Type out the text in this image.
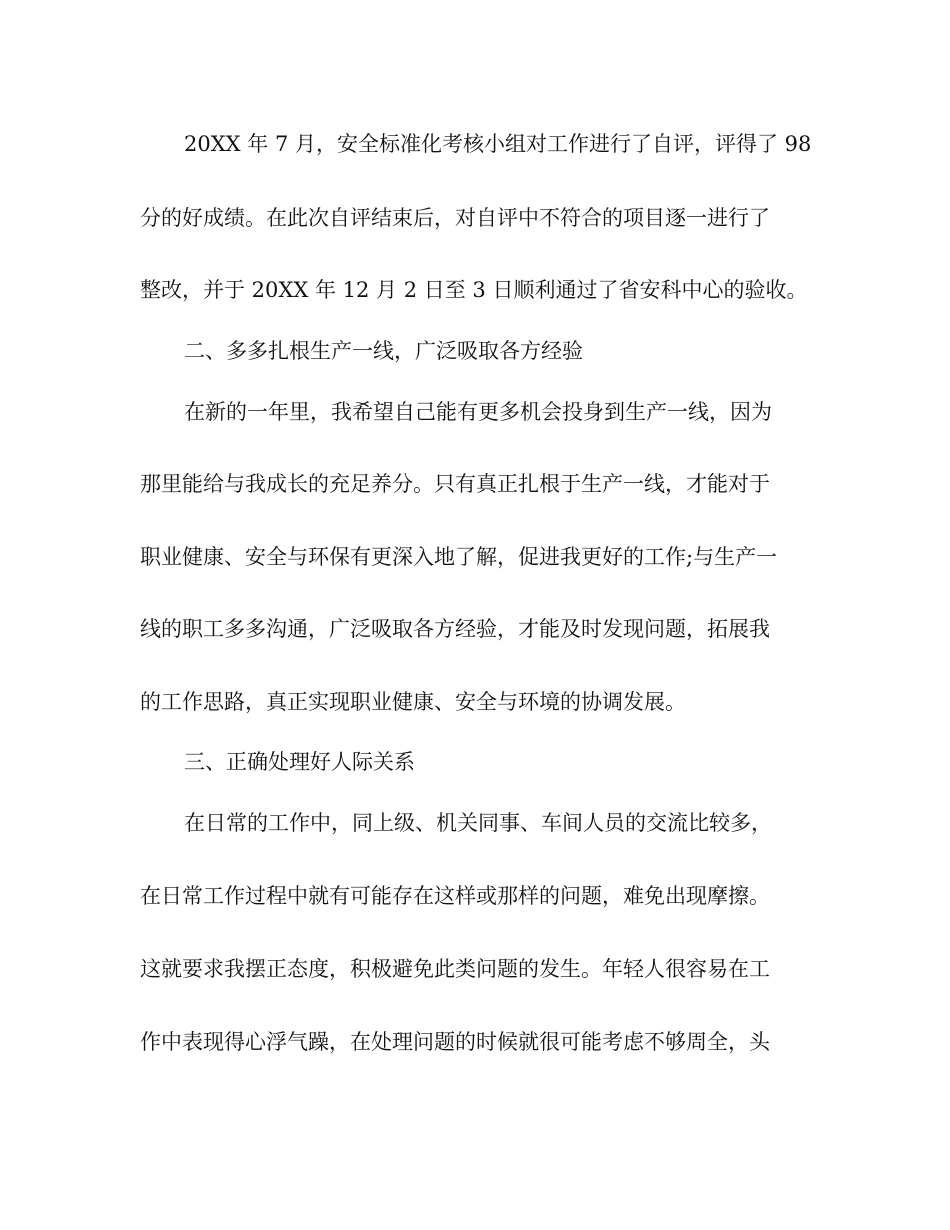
20XX 年 7 月，安全标准化考核小组对工作进行了自评，评得了 98
分的好成绩。在此次自评结束后，对自评中不符合的项目逐一进行了
整改，并于 20XX 年 12 月 2 日至 3 日顺利通过了省安科中心的验收。
二、多多扎根生产一线，广泛吸取各方经验
在新的一年里，我希望自己能有更多机会投身到生产一线，因为
那里能给与我成长的充足养分。只有真正扎根于生产一线，才能对于
职业健康、安全与环保有更深入地了解，促进我更好的工作;与生产一
线的职工多多沟通，广泛吸取各方经验，才能及时发现问题，拓展我
的工作思路，真正实现职业健康、安全与环境的协调发展。
三、正确处理好人际关系
在日常的工作中，同上级、机关同事、车间人员的交流比较多，
在日常工作过程中就有可能存在这样或那样的问题，难免出现摩擦。
这就要求我摆正态度，积极避免此类问题的发生。年轻人很容易在工
作中表现得心浮气躁，在处理问题的时候就很可能考虑不够周全，头
